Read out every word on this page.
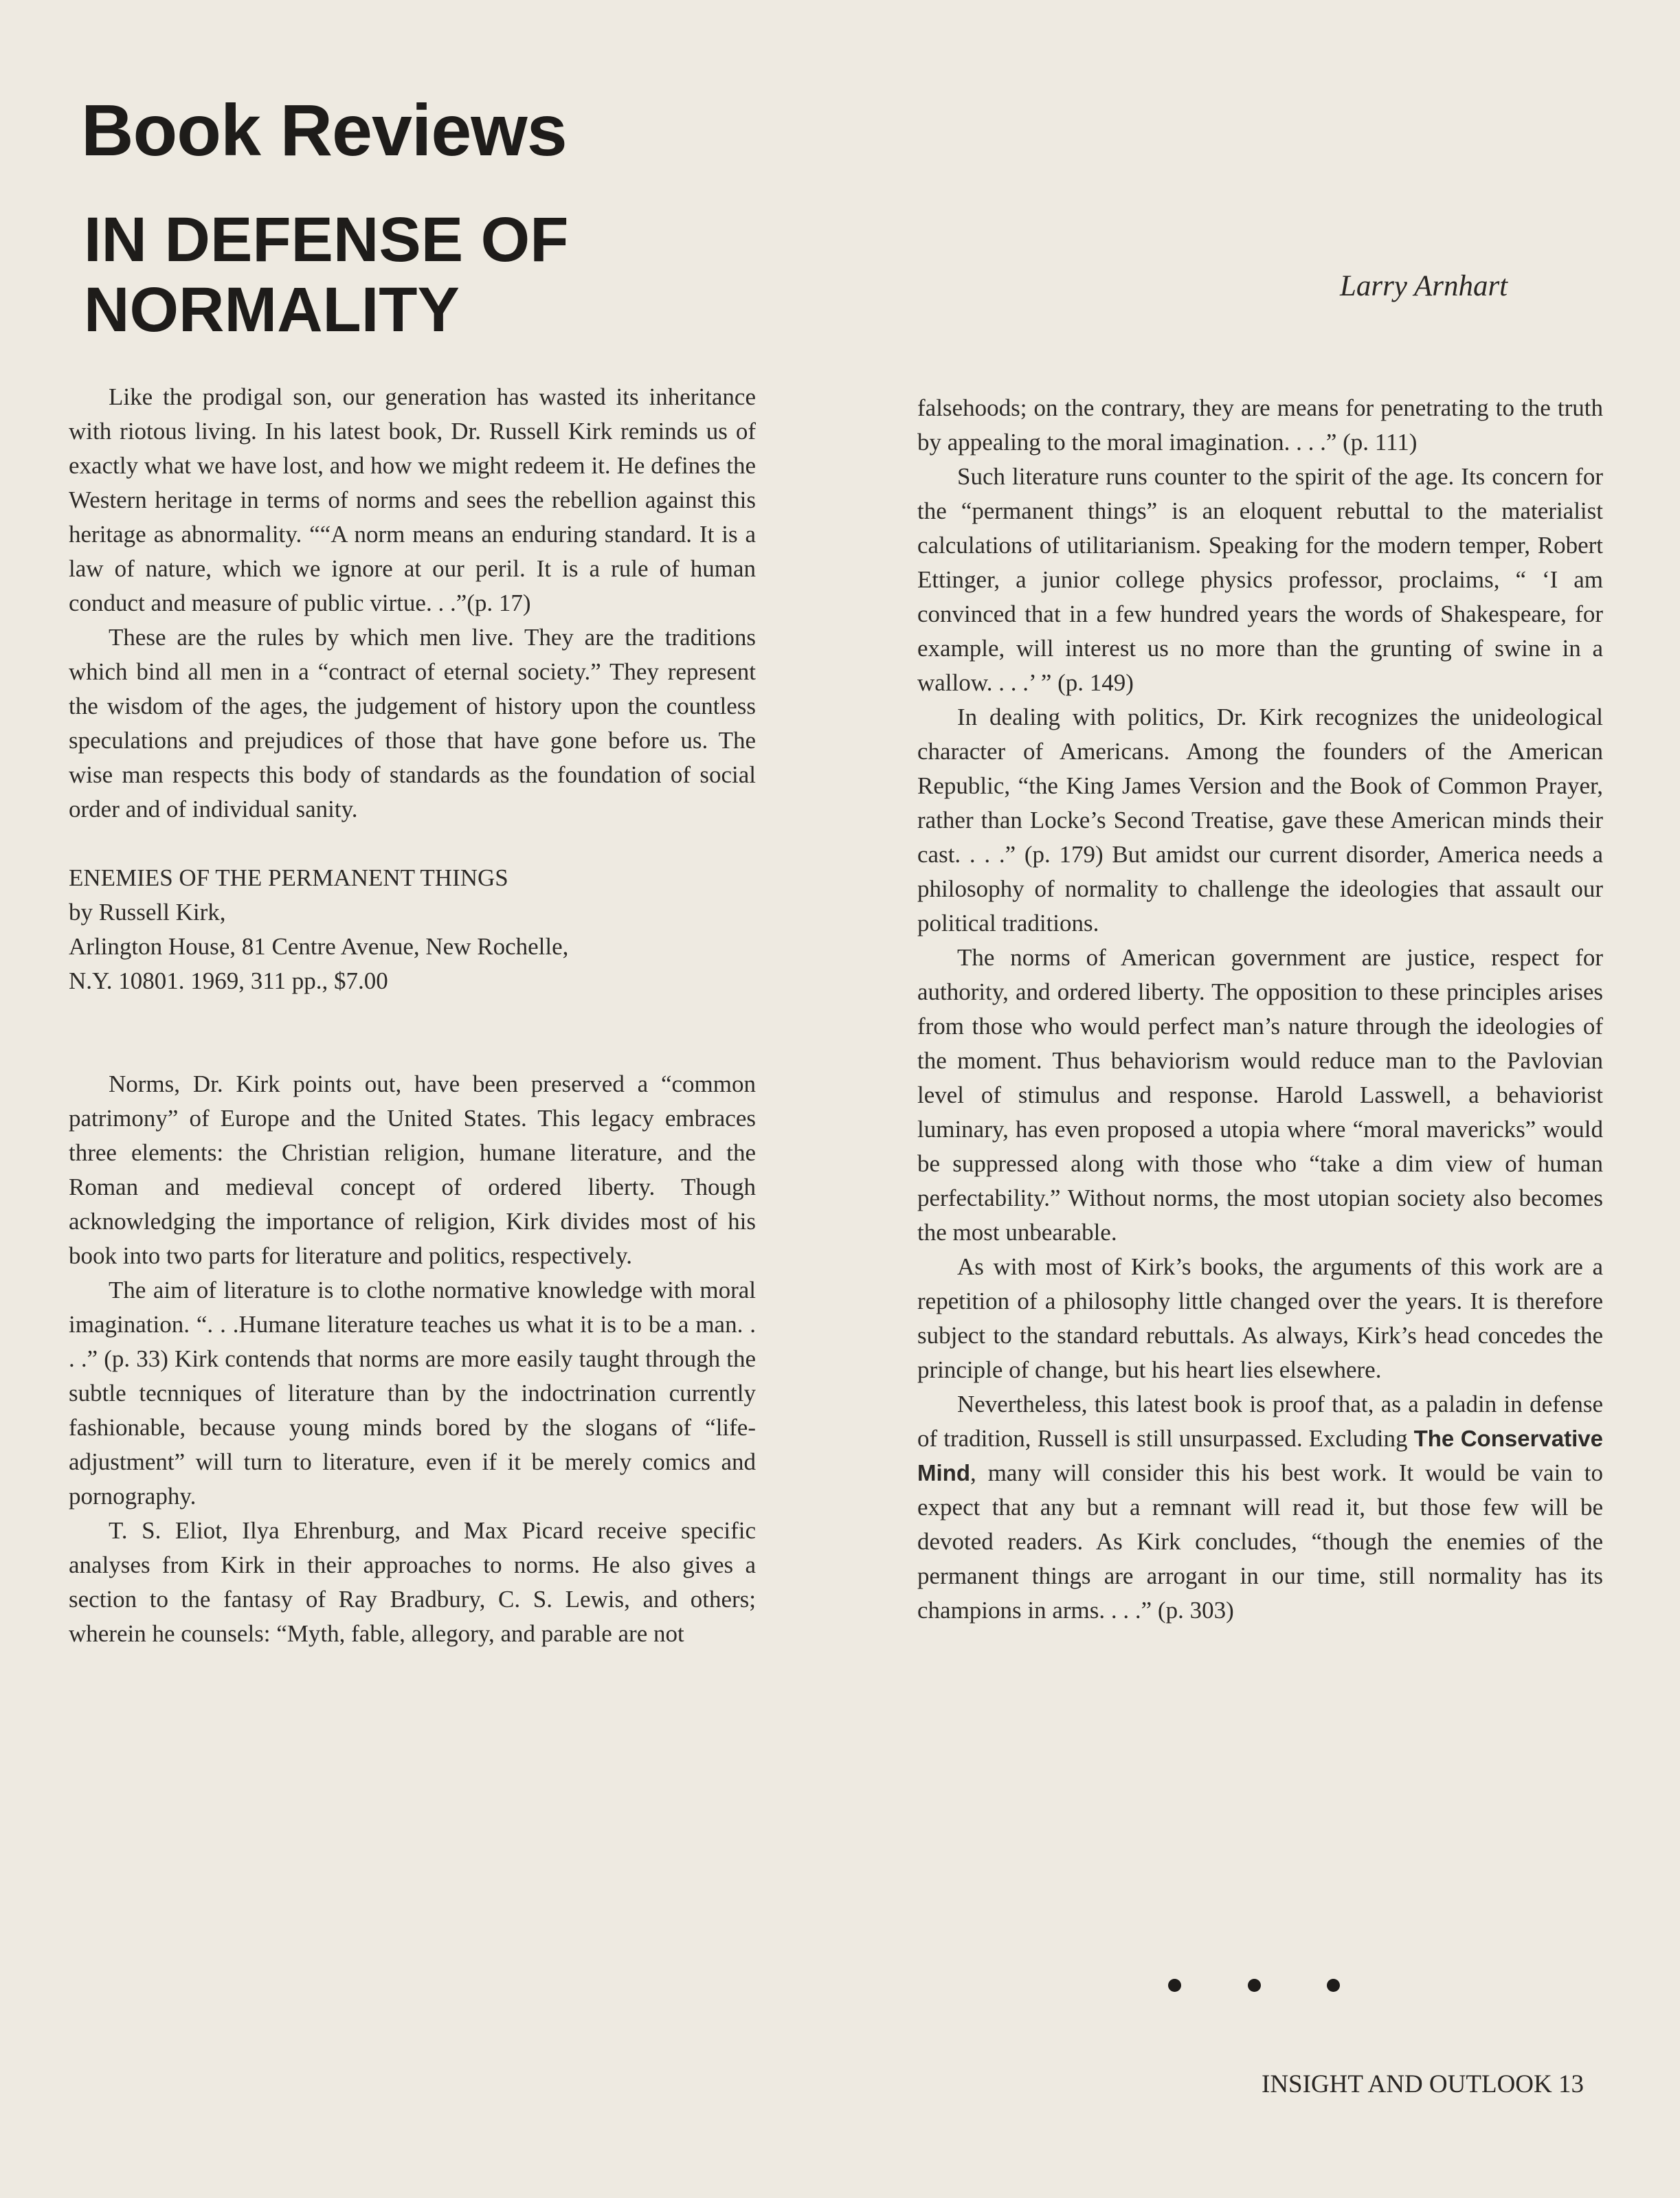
Book Reviews
IN DEFENSE OF NORMALITY	Larry Arnhart

Like the prodigal son, our generation has wasted its inheritance with riotous living. In his latest book, Dr. Russell Kirk reminds us of exactly what we have lost, and how we might redeem it. He defines the Western heritage in terms of norms and sees the rebellion against this heritage as abnormality. ““A norm means an enduring standard. It is a law of nature, which we ignore at our peril. It is a rule of human conduct and measure of public virtue. . .”(p. 17)

These are the rules by which men live. They are the traditions which bind all men in a “contract of eternal society.” They represent the wisdom of the ages, the judgement of history upon the countless speculations and prejudices of those that have gone before us. The wise man respects this body of standards as the foundation of social order and of individual sanity.

ENEMIES OF THE PERMANENT THINGS
by Russell Kirk,
Arlington House, 81 Centre Avenue, New Rochelle,
N.Y. 10801. 1969, 311 pp., $7.00

Norms, Dr. Kirk points out, have been preserved a “common patrimony” of Europe and the United States. This legacy embraces three elements: the Christian religion, humane literature, and the Roman and medieval concept of ordered liberty. Though acknowledging the importance of religion, Kirk divides most of his book into two parts for literature and politics, respectively.

The aim of literature is to clothe normative knowledge with moral imagination. “. . .Humane literature teaches us what it is to be a man. . . .” (p. 33) Kirk contends that norms are more easily taught through the subtle tecnniques of literature than by the indoctrination currently fashionable, because young minds bored by the slogans of “life-adjustment” will turn to literature, even if it be merely comics and pornography.

T. S. Eliot, Ilya Ehrenburg, and Max Picard receive specific analyses from Kirk in their approaches to norms. He also gives a section to the fantasy of Ray Bradbury, C. S. Lewis, and others; wherein he counsels: “Myth, fable, allegory, and parable are not

falsehoods; on the contrary, they are means for penetrating to the truth by appealing to the moral imagination. . . .” (p. 111)

Such literature runs counter to the spirit of the age. Its concern for the “permanent things” is an eloquent rebuttal to the materialist calculations of utilitarianism. Speaking for the modern temper, Robert Ettinger, a junior college physics professor, proclaims, “ ‘I am convinced that in a few hundred years the words of Shakespeare, for example, will interest us no more than the grunting of swine in a wallow. . . .’ ” (p. 149)

In dealing with politics, Dr. Kirk recognizes the unideological character of Americans. Among the founders of the American Republic, “the King James Version and the Book of Common Prayer, rather than Locke’s Second Treatise, gave these American minds their cast. . . .” (p. 179) But amidst our current disorder, America needs a philosophy of normality to challenge the ideologies that assault our political traditions.

The norms of American government are justice, respect for authority, and ordered liberty. The opposition to these principles arises from those who would perfect man’s nature through the ideologies of the moment. Thus behaviorism would reduce man to the Pavlovian level of stimulus and response. Harold Lasswell, a behaviorist luminary, has even proposed a utopia where “moral mavericks” would be suppressed along with those who “take a dim view of human perfectability.” Without norms, the most utopian society also becomes the most unbearable.

As with most of Kirk’s books, the arguments of this work are a repetition of a philosophy little changed over the years. It is therefore subject to the standard rebuttals. As always, Kirk’s head concedes the principle of change, but his heart lies elsewhere.

Nevertheless, this latest book is proof that, as a paladin in defense of tradition, Russell is still unsurpassed. Excluding The Conservative Mind, many will consider this his best work. It would be vain to expect that any but a remnant will read it, but those few will be devoted readers. As Kirk concludes, “though the enemies of the permanent things are arrogant in our time, still normality has its champions in arms. . . .” (p. 303)

INSIGHT AND OUTLOOK 13
